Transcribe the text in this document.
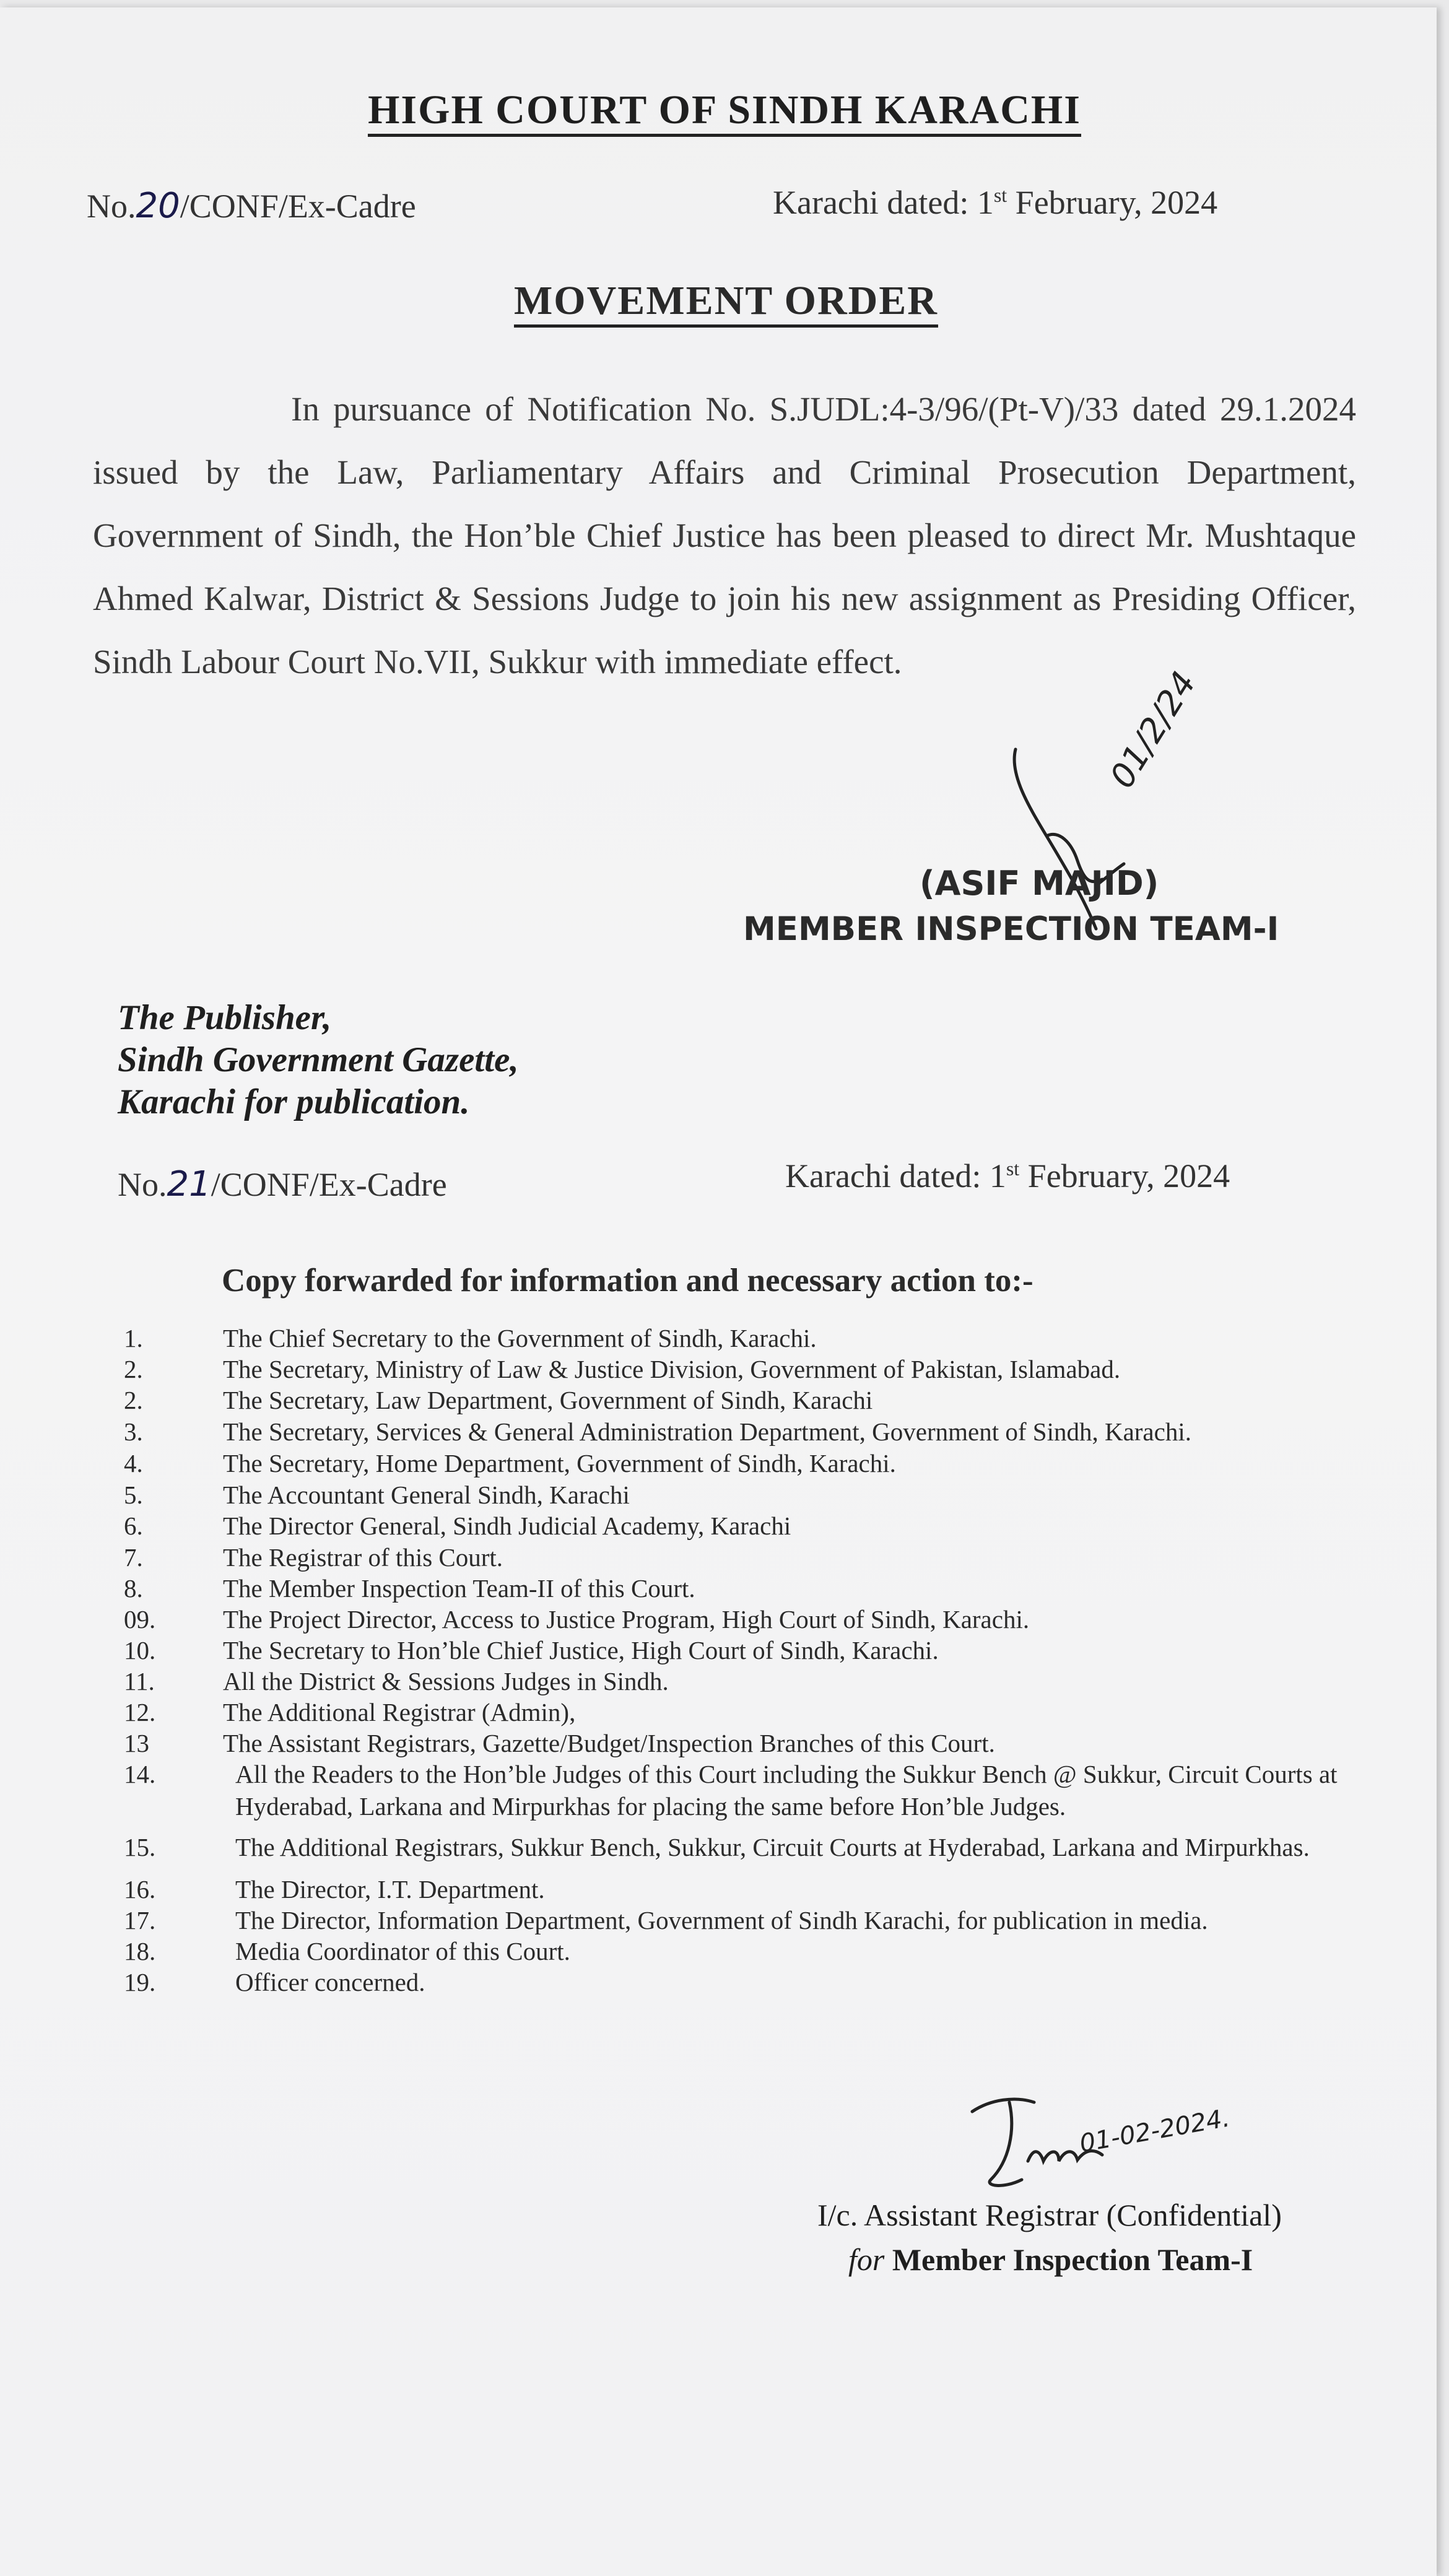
HIGH COURT OF SINDH KARACHI
No.20/CONF/Ex-Cadre	Karachi dated: 1st February, 2024
MOVEMENT ORDER
In pursuance of Notification No. S.JUDL:4-3/96/(Pt-V)/33 dated 29.1.2024 issued by the Law, Parliamentary Affairs and Criminal Prosecution Department, Government of Sindh, the Hon’ble Chief Justice has been pleased to direct Mr. Mushtaque Ahmed Kalwar, District & Sessions Judge to join his new assignment as Presiding Officer, Sindh Labour Court No.VII, Sukkur with immediate effect.
01/2/24
(ASIF MAJID)
MEMBER INSPECTION TEAM-I
The Publisher,
Sindh Government Gazette,
Karachi for publication.
No.21/CONF/Ex-Cadre	Karachi dated: 1st February, 2024
Copy forwarded for information and necessary action to:-
1.	The Chief Secretary to the Government of Sindh, Karachi.
2.	The Secretary, Ministry of Law & Justice Division, Government of Pakistan, Islamabad.
2.	The Secretary, Law Department, Government of Sindh, Karachi
3.	The Secretary, Services & General Administration Department, Government of Sindh, Karachi.
4.	The Secretary, Home Department, Government of Sindh, Karachi.
5.	The Accountant General Sindh, Karachi
6.	The Director General, Sindh Judicial Academy, Karachi
7.	The Registrar of this Court.
8.	The Member Inspection Team-II of this Court.
09.	The Project Director, Access to Justice Program, High Court of Sindh, Karachi.
10.	The Secretary to Hon’ble Chief Justice, High Court of Sindh, Karachi.
11.	All the District & Sessions Judges in Sindh.
12.	The Additional Registrar (Admin),
13	The Assistant Registrars, Gazette/Budget/Inspection Branches of this Court.
14.	All the Readers to the Hon’ble Judges of this Court including the Sukkur Bench @ Sukkur, Circuit Courts at Hyderabad, Larkana and Mirpurkhas for placing the same before Hon’ble Judges.
15.	The Additional Registrars, Sukkur Bench, Sukkur, Circuit Courts at Hyderabad, Larkana and Mirpurkhas.
16.	The Director, I.T. Department.
17.	The Director, Information Department, Government of Sindh Karachi, for publication in media.
18.	Media Coordinator of this Court.
19.	Officer concerned.
01-02-2024.
I/c. Assistant Registrar (Confidential)
for Member Inspection Team-I
